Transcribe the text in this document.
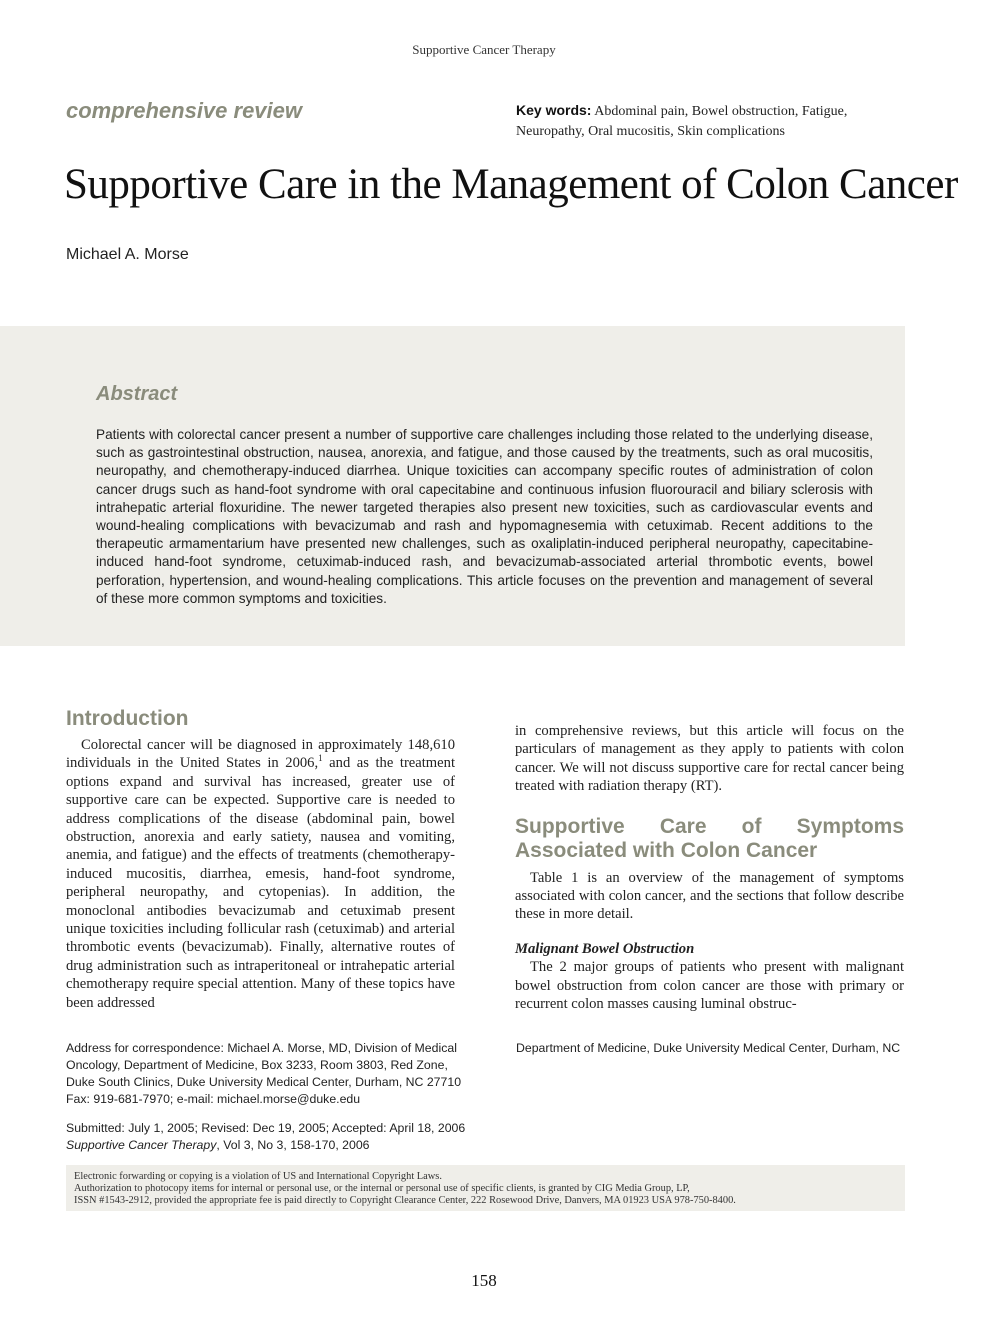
Supportive Cancer Therapy
comprehensive review	Key words: Abdominal pain, Bowel obstruction, Fatigue, Neuropathy, Oral mucositis, Skin complications
Supportive Care in the Management of Colon Cancer
Michael A. Morse
Abstract
Patients with colorectal cancer present a number of supportive care challenges including those related to the underlying disease, such as gastrointestinal obstruction, nausea, anorexia, and fatigue, and those caused by the treatments, such as oral mucositis, neuropathy, and chemotherapy-induced diarrhea. Unique toxicities can accompany specific routes of administration of colon cancer drugs such as hand-foot syndrome with oral capecitabine and continuous infusion fluorouracil and biliary sclerosis with intrahepatic arterial floxuridine. The newer targeted therapies also present new toxicities, such as cardiovascular events and wound-healing complications with bevacizumab and rash and hypomagnesemia with cetuximab. Recent additions to the therapeutic armamentarium have presented new challenges, such as oxaliplatin-induced peripheral neuropathy, capecitabine-induced hand-foot syndrome, cetuximab-induced rash, and bevacizumab-associated arterial thrombotic events, bowel perforation, hypertension, and wound-healing complications. This article focuses on the prevention and management of several of these more common symptoms and toxicities.
Introduction

Colorectal cancer will be diagnosed in approximately 148,610 individuals in the United States in 2006,$^1$ and as the treatment options expand and survival has increased, greater use of supportive care can be expected. Supportive care is needed to address complications of the disease (abdominal pain, bowel obstruction, anorexia and early satiety, nausea and vomiting, anemia, and fatigue) and the effects of treatments (chemotherapy-induced mucositis, diarrhea, emesis, hand-foot syndrome, peripheral neuropathy, and cytopenias). In addition, the monoclonal antibodies bevacizumab and cetuximab present unique toxicities including follicular rash (cetuximab) and arterial thrombotic events (bevacizumab). Finally, alternative routes of drug administration such as intraperitoneal or intrahepatic arterial chemotherapy require special attention. Many of these topics have been addressed

in comprehensive reviews, but this article will focus on the particulars of management as they apply to patients with colon cancer. We will not discuss supportive care for rectal cancer being treated with radiation therapy (RT).

Supportive Care of Symptoms Associated with Colon Cancer

Table 1 is an overview of the management of symptoms associated with colon cancer, and the sections that follow describe these in more detail.

Malignant Bowel Obstruction

The 2 major groups of patients who present with malignant bowel obstruction from colon cancer are those with primary or recurrent colon masses causing luminal obstruc-

Address for correspondence: Michael A. Morse, MD, Division of Medical
Oncology, Department of Medicine, Box 3233, Room 3803, Red Zone,
Duke South Clinics, Duke University Medical Center, Durham, NC 27710
Fax: 919-681-7970; e-mail: michael.morse@duke.edu
Department of Medicine, Duke University Medical Center, Durham, NC
Submitted: July 1, 2005; Revised: Dec 19, 2005; Accepted: April 18, 2006
Supportive Cancer Therapy, Vol 3, No 3, 158-170, 2006
Electronic forwarding or copying is a violation of US and International Copyright Laws.
Authorization to photocopy items for internal or personal use, or the internal or personal use of specific clients, is granted by CIG Media Group, LP,
ISSN #1543-2912, provided the appropriate fee is paid directly to Copyright Clearance Center, 222 Rosewood Drive, Danvers, MA 01923 USA 978-750-8400.
158
